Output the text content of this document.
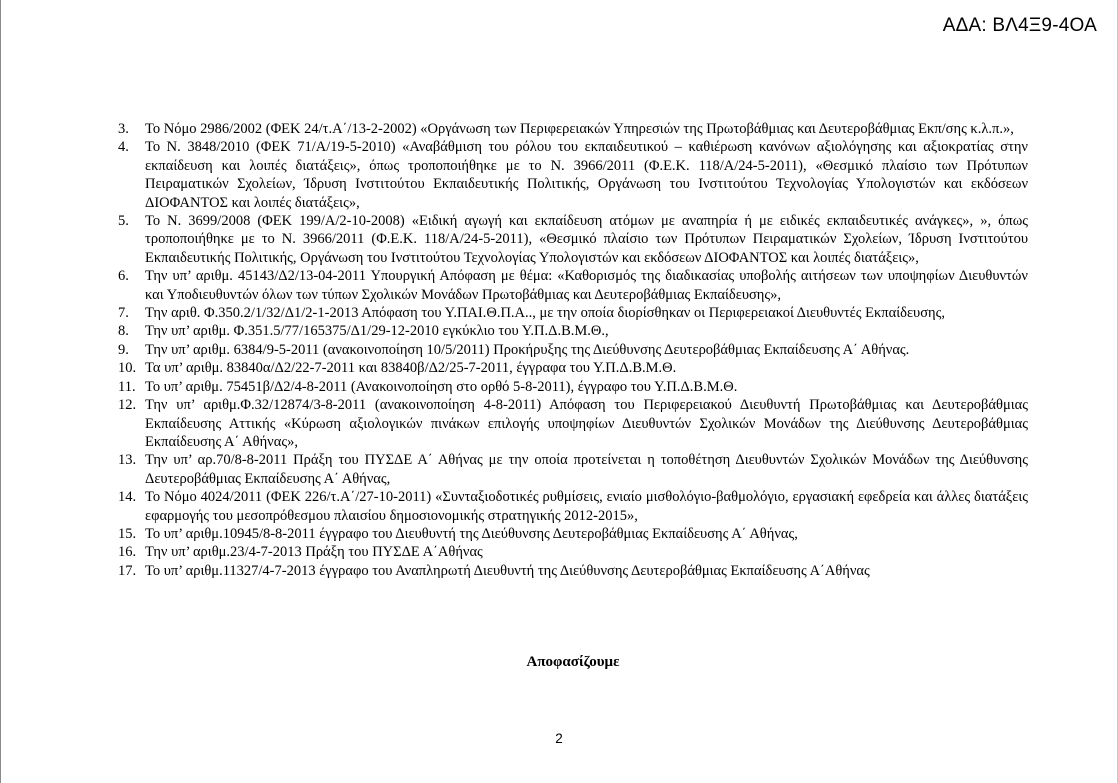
ΑΔΑ: ΒΛ4Ξ9-4ΟΑ
3. Το Νόμο 2986/2002 (ΦΕΚ 24/τ.Α΄/13-2-2002) «Οργάνωση των Περιφερειακών Υπηρεσιών της Πρωτοβάθμιας και Δευτεροβάθμιας Εκπ/σης κ.λ.π.»,
4. Το Ν. 3848/2010 (ΦΕΚ 71/Α/19-5-2010) «Αναβάθμιση του ρόλου του εκπαιδευτικού – καθιέρωση κανόνων αξιολόγησης και αξιοκρατίας στην εκπαίδευση και λοιπές διατάξεις», όπως τροποποιήθηκε με το Ν. 3966/2011 (Φ.Ε.Κ. 118/Α/24-5-2011), «Θεσμικό πλαίσιο των Πρότυπων Πειραματικών Σχολείων, Ίδρυση Ινστιτούτου Εκπαιδευτικής Πολιτικής, Οργάνωση του Ινστιτούτου Τεχνολογίας Υπολογιστών και εκδόσεων ΔΙΟΦΑΝΤΟΣ και λοιπές διατάξεις»,
5. Το Ν. 3699/2008 (ΦΕΚ 199/Α/2-10-2008) «Ειδική αγωγή και εκπαίδευση ατόμων με αναπηρία ή με ειδικές εκπαιδευτικές ανάγκες», », όπως τροποποιήθηκε με το Ν. 3966/2011 (Φ.Ε.Κ. 118/Α/24-5-2011), «Θεσμικό πλαίσιο των Πρότυπων Πειραματικών Σχολείων, Ίδρυση Ινστιτούτου Εκπαιδευτικής Πολιτικής, Οργάνωση του Ινστιτούτου Τεχνολογίας Υπολογιστών και εκδόσεων ΔΙΟΦΑΝΤΟΣ και λοιπές διατάξεις»,
6. Την υπ’ αριθμ. 45143/Δ2/13-04-2011 Υπουργική Απόφαση με θέμα: «Καθορισμός της διαδικασίας υποβολής αιτήσεων των υποψηφίων Διευθυντών και Υποδιευθυντών όλων των τύπων Σχολικών Μονάδων Πρωτοβάθμιας και Δευτεροβάθμιας Εκπαίδευσης»,
7. Την αριθ. Φ.350.2/1/32/Δ1/2-1-2013 Απόφαση του Υ.ΠΑΙ.Θ.Π.Α.., με την οποία διορίσθηκαν οι Περιφερειακοί Διευθυντές Εκπαίδευσης,
8. Την υπ’ αριθμ. Φ.351.5/77/165375/Δ1/29-12-2010 εγκύκλιο του Υ.Π.Δ.Β.Μ.Θ.,
9. Την υπ’ αριθμ. 6384/9-5-2011 (ανακοινοποίηση 10/5/2011) Προκήρυξης της Διεύθυνσης Δευτεροβάθμιας Εκπαίδευσης Α΄ Αθήνας.
10. Τα υπ’ αριθμ. 83840α/Δ2/22-7-2011 και 83840β/Δ2/25-7-2011, έγγραφα του Υ.Π.Δ.Β.Μ.Θ.
11. Το υπ’ αριθμ. 75451β/Δ2/4-8-2011 (Ανακοινοποίηση στο ορθό 5-8-2011), έγγραφο του Υ.Π.Δ.Β.Μ.Θ.
12. Την υπ’ αριθμ.Φ.32/12874/3-8-2011 (ανακοινοποίηση 4-8-2011) Απόφαση του Περιφερειακού Διευθυντή Πρωτοβάθμιας και Δευτεροβάθμιας Εκπαίδευσης Αττικής «Κύρωση αξιολογικών πινάκων επιλογής υποψηφίων Διευθυντών Σχολικών Μονάδων της Διεύθυνσης Δευτεροβάθμιας Εκπαίδευσης Α΄ Αθήνας»,
13. Την υπ’ αρ.70/8-8-2011 Πράξη του ΠΥΣΔΕ Α΄ Αθήνας με την οποία προτείνεται η τοποθέτηση Διευθυντών Σχολικών Μονάδων της Διεύθυνσης Δευτεροβάθμιας Εκπαίδευσης Α΄ Αθήνας,
14. Το Νόμο 4024/2011 (ΦΕΚ 226/τ.Α΄/27-10-2011) «Συνταξιοδοτικές ρυθμίσεις, ενιαίο μισθολόγιο-βαθμολόγιο, εργασιακή εφεδρεία και άλλες διατάξεις εφαρμογής του μεσοπρόθεσμου πλαισίου δημοσιονομικής στρατηγικής 2012-2015»,
15. Το υπ’ αριθμ.10945/8-8-2011 έγγραφο του Διευθυντή της Διεύθυνσης Δευτεροβάθμιας Εκπαίδευσης Α΄ Αθήνας,
16. Την υπ’ αριθμ.23/4-7-2013 Πράξη του ΠΥΣΔΕ Α΄Αθήνας
17. Το υπ’ αριθμ.11327/4-7-2013 έγγραφο του Αναπληρωτή Διευθυντή της Διεύθυνσης Δευτεροβάθμιας Εκπαίδευσης Α΄Αθήνας
Αποφασίζουμε
2
